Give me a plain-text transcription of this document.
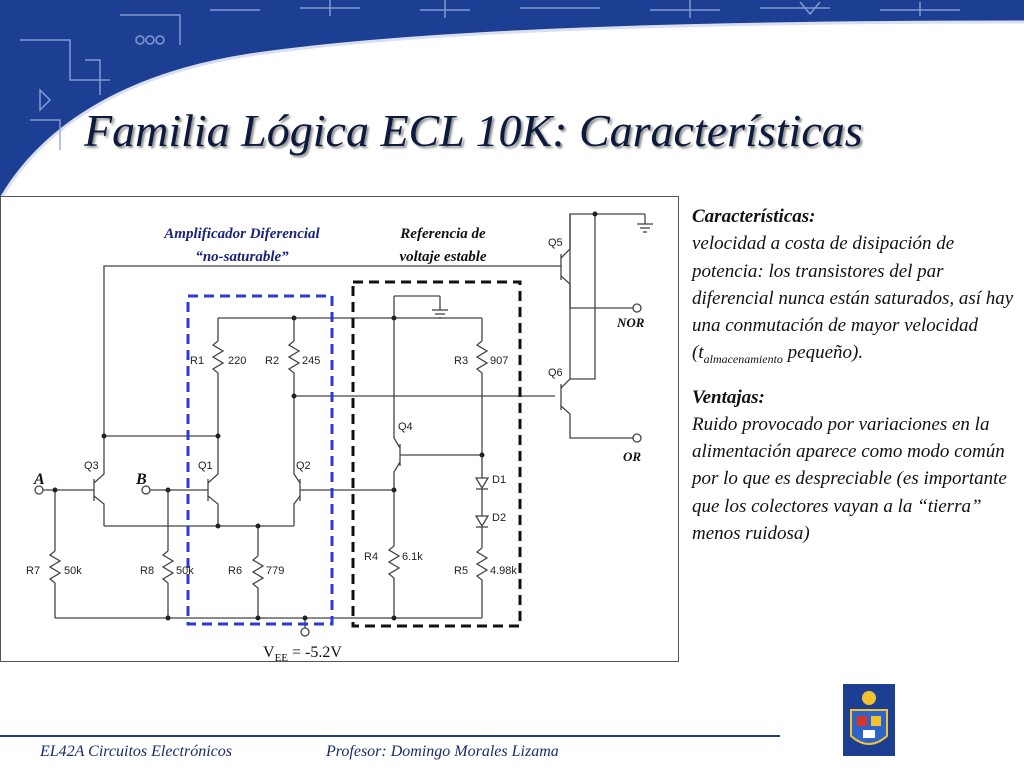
Familia Lógica ECL 10K: Características
R1 220 R2 245	R3 907
R4 6.1k
R5 4.98k
R6 779
R7 50k	R8 50k
Q1	Q2
Q3
Q4
Q5
Q6
D1
D2
A	B
NOR
OR
Amplificador Diferencial
“no-saturable”
Referencia de
voltaje estable
$V_{EE} = -5.2V$

Características:

velocidad a costa de disipación de potencia: los transistores del par diferencial nunca están saturados, así hay una conmutación de mayor velocidad ($t_{almacenamiento}$ pequeño).

Ventajas:

Ruido provocado por variaciones en la alimentación aparece como modo común por lo que es despreciable (es importante que los colectores vayan a la “tierra” menos ruidosa)

EL42A Circuitos Electrónicos	Profesor: Domingo Morales Lizama
